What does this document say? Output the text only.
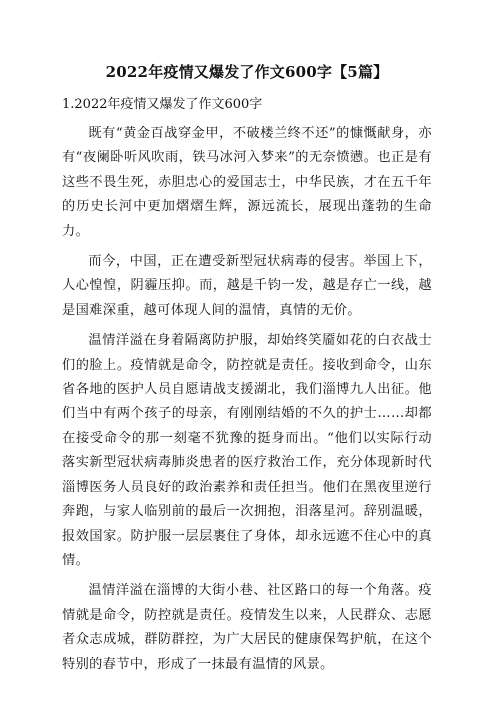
2022年疫情又爆发了作文600字【5篇】
1.2022年疫情又爆发了作文600字

既有“黄金百战穿金甲，不破楼兰终不还”的慷慨献身，亦有“夜阑卧听风吹雨，铁马冰河入梦来”的无奈愤懑。也正是有这些不畏生死，赤胆忠心的爱国志士，中华民族，才在五千年的历史长河中更加熠熠生辉，源远流长，展现出蓬勃的生命力。

而今，中国，正在遭受新型冠状病毒的侵害。举国上下，人心惶惶，阴霾压抑。而，越是千钧一发，越是存亡一线，越是国难深重，越可体现人间的温情，真情的无价。

温情洋溢在身着隔离防护服，却始终笑靥如花的白衣战士们的脸上。疫情就是命令，防控就是责任。接收到命令，山东省各地的医护人员自愿请战支援湖北，我们淄博九人出征。他们当中有两个孩子的母亲，有刚刚结婚的不久的护士……却都在接受命令的那一刻毫不犹豫的挺身而出。“他们以实际行动落实新型冠状病毒肺炎患者的医疗救治工作，充分体现新时代淄博医务人员良好的政治素养和责任担当。他们在黑夜里逆行奔跑，与家人临别前的最后一次拥抱，泪落星河。辞别温暖，报效国家。防护服一层层裹住了身体，却永远遮不住心中的真情。

温情洋溢在淄博的大街小巷、社区路口的每一个角落。疫情就是命令，防控就是责任。疫情发生以来，人民群众、志愿者众志成城，群防群控，为广大居民的健康保驾护航，在这个特别的春节中，形成了一抹最有温情的风景。
